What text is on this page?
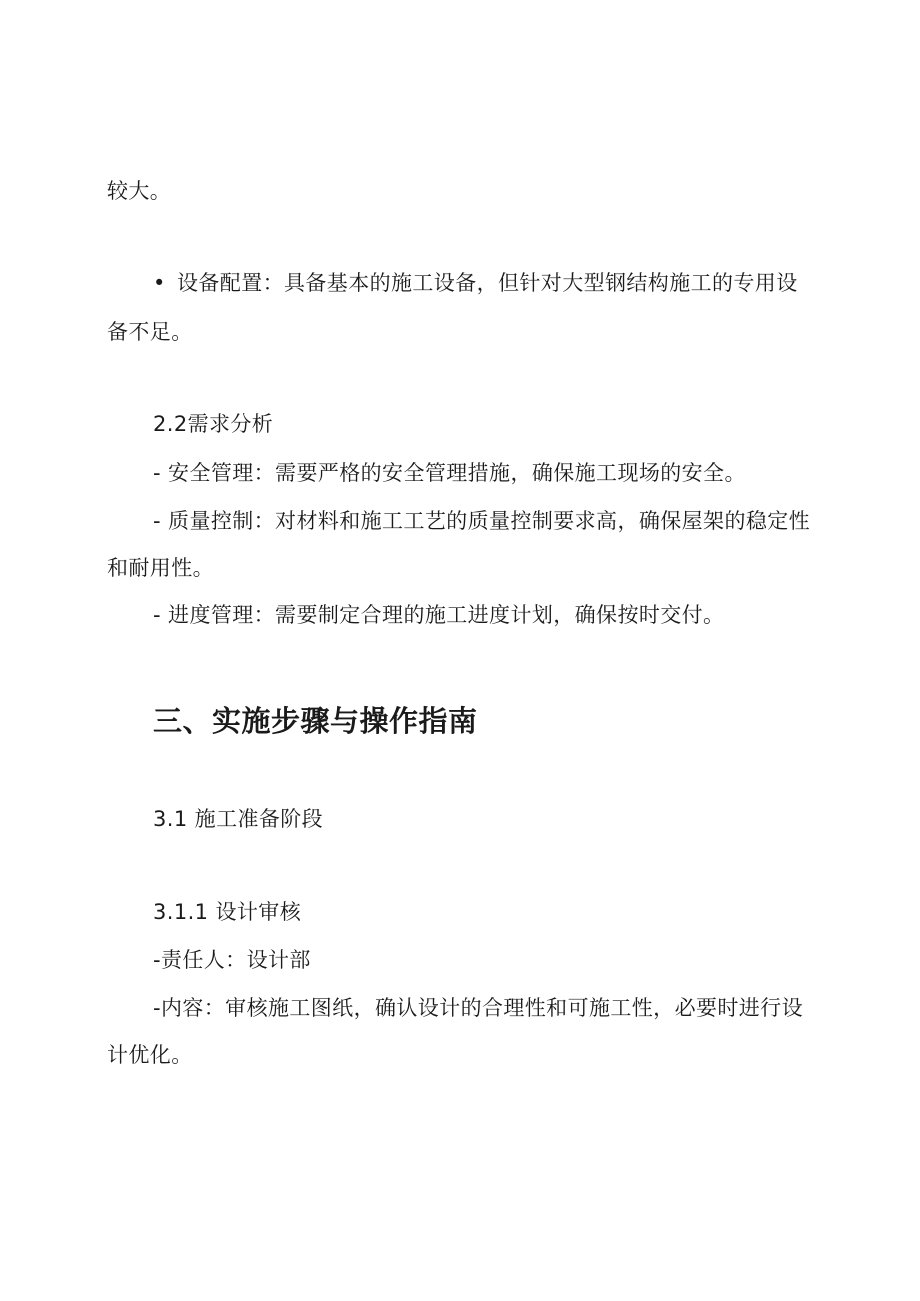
较大。
• 设备配置：具备基本的施工设备，但针对大型钢结构施工的专用设
备不足。
2.2需求分析
- 安全管理：需要严格的安全管理措施，确保施工现场的安全。
- 质量控制：对材料和施工工艺的质量控制要求高，确保屋架的稳定性
和耐用性。
- 进度管理：需要制定合理的施工进度计划，确保按时交付。
三、实施步骤与操作指南
3.1 施工准备阶段
3.1.1 设计审核
-责任人：设计部
-内容：审核施工图纸，确认设计的合理性和可施工性，必要时进行设
计优化。
